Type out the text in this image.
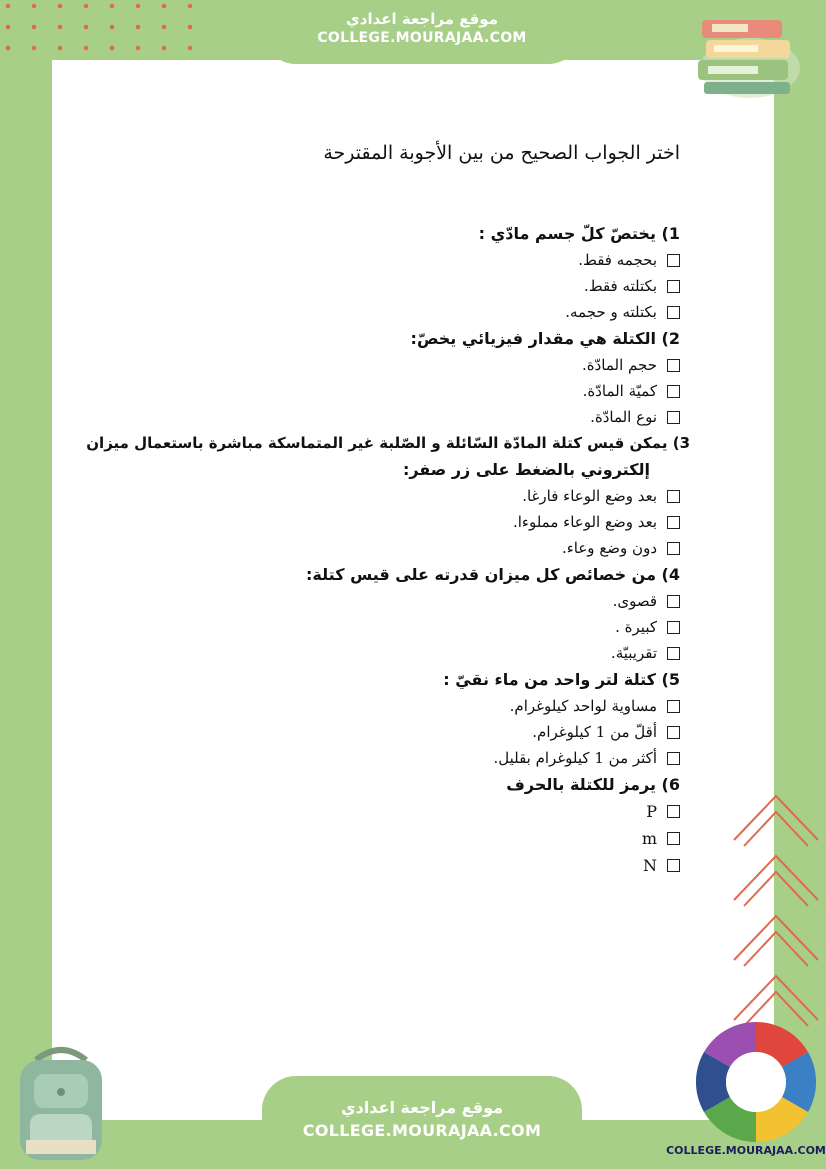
موقع مراجعة اعدادي
COLLEGE.MOURAJAA.COM
اختر الجواب الصحيح من بين الأجوبة المقترحة
1) يختصّ كلّ جسم مادّي :
بحجمه فقط.
بكتلته فقط.
بكتلته و حجمه.
2) الكتلة هي مقدار فيزيائي يخصّ:
حجم المادّة.
كميّة المادّة.
نوع المادّة.
3) يمكن قيس كتلة المادّة السّائلة و الصّلبة غير المتماسكة مباشرة باستعمال ميزان
إلكتروني بالضغط على زر صفر:
بعد وضع الوعاء فارغا.
بعد وضع الوعاء مملوءا.
دون وضع وعاء.
4) من خصائص كل ميزان قدرته على قيس كتلة:
قصوى.
كبيرة .
تقريبيّة.
5) كتلة لتر واحد من ماء نقيّ :
مساوية لواحد كيلوغرام.
أقلّ من 1 كيلوغرام.
أكثر من 1 كيلوغرام بقليل.
6) يرمز للكتلة بالحرف
P
m
N
موقع مراجعة اعدادي
COLLEGE.MOURAJAA.COM
COLLEGE.MOURAJAA.COM
